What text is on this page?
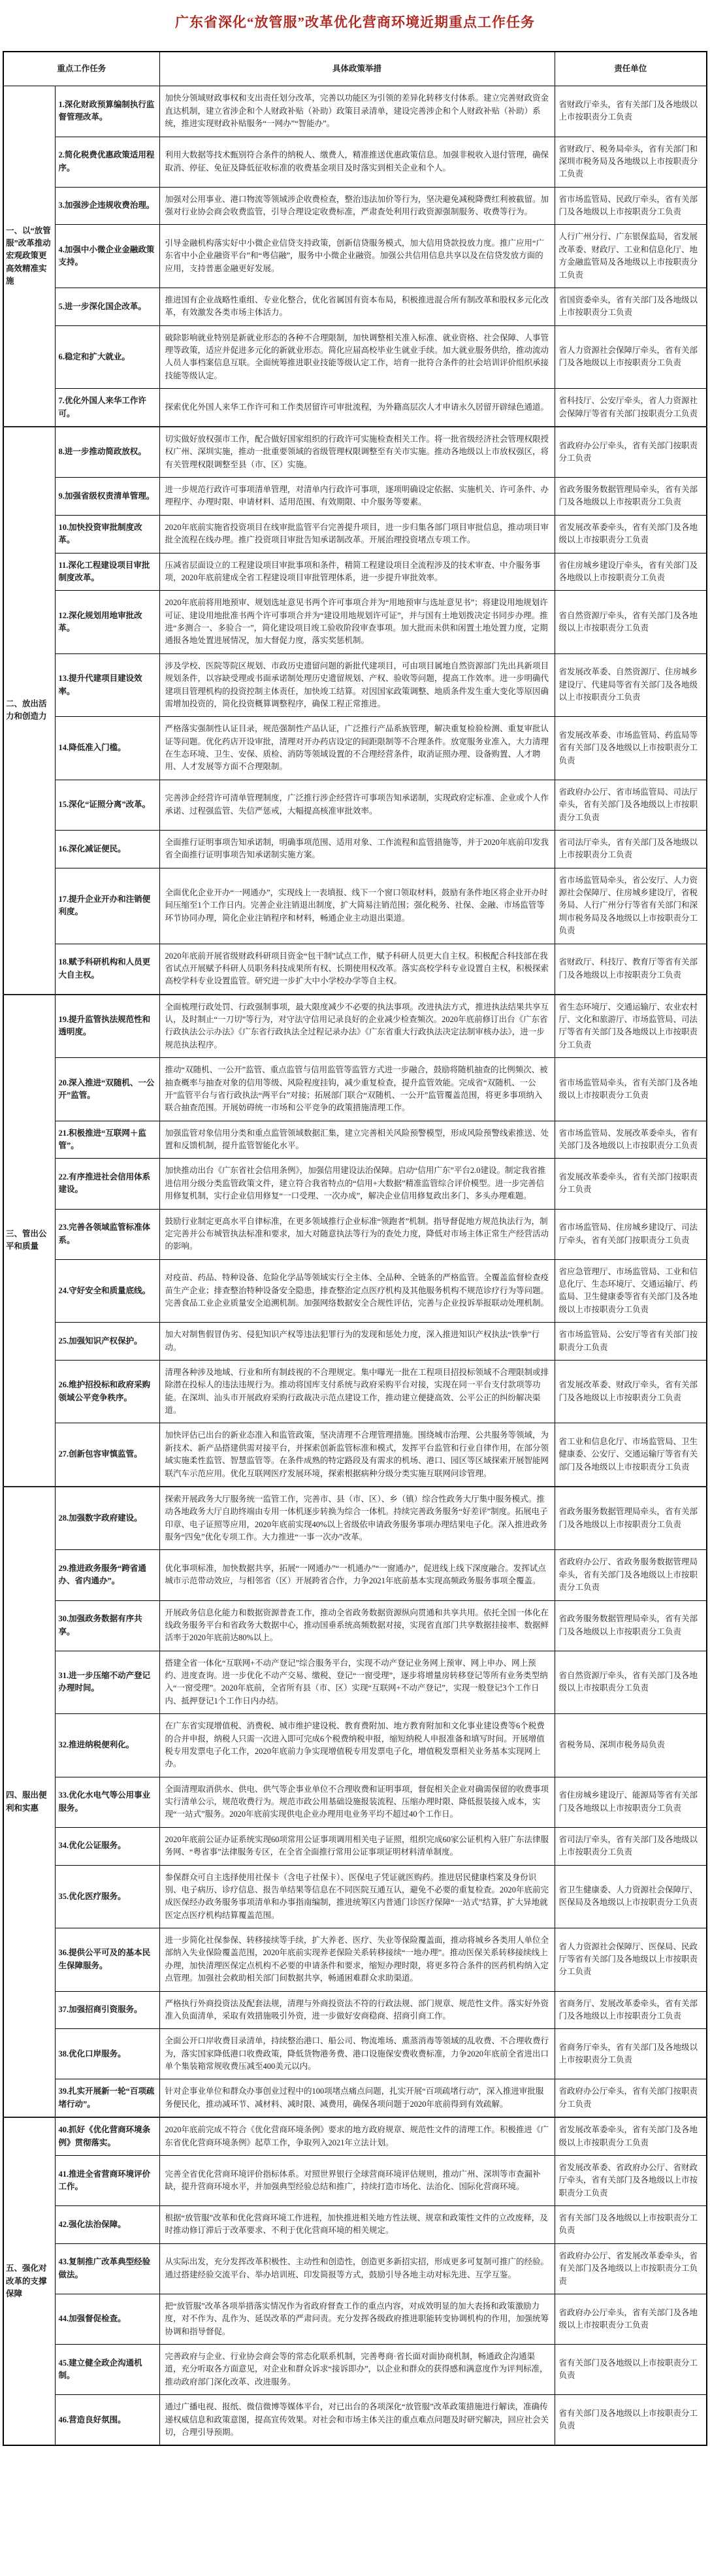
广东省深化“放管服”改革优化营商环境近期重点工作任务
重点工作任务		具体政策举措	责任单位
一、以“放管服”改革推动宏观政策更高效精准实施	1.深化财政预算编制执行监督管理改革。	加快分领域财政事权和支出责任划分改革，完善以功能区为引领的差异化转移支付体系。建立完善财政资金直达机制，建立省涉企和个人财政补贴（补助）政策目录清单，建设完善涉企和个人财政补贴（补助）系统，推进实现财政补贴服务“一网办”“智能办”。	省财政厅牵头，省有关部门及各地级以上市按职责分工负责
	2.简化税费优惠政策适用程序。	利用大数据等技术甄别符合条件的纳税人、缴费人，精准推送优惠政策信息。加强非税收入退付管理，确保取消、停征、免征及降低征收标准的收费基金项目及时落实到相关企业和个人。	省财政厅、税务局牵头，省有关部门和深圳市税务局及各地级以上市按职责分工负责
	3.加强涉企违规收费治理。	加强对公用事业、港口物流等领域涉企收费检查，整治违法加价等行为，坚决避免减税降费红利被截留。加强对行业协会商会收费监管，引导合理设定收费标准，严肃查处利用行政资源强制服务、收费等行为。	省市场监管局、民政厅牵头，省有关部门及各地级以上市按职责分工负责
	4.加强中小微企业金融政策支持。	引导金融机构落实好中小微企业信贷支持政策，创新信贷服务模式，加大信用贷款投放力度。推广应用“广东省中小企业融资平台”和“粤信融”，服务中小微企业融资。加强公共信用信息共享以及在信贷发放方面的应用，支持普惠金融更好发展。	人行广州分行、广东银保监局，省发展改革委、财政厅、工业和信息化厅、地方金融监管局及各地级以上市按职责分工负责
	5.进一步深化国企改革。	推进国有企业战略性重组、专业化整合，优化省属国有资本布局，积极推进混合所有制改革和股权多元化改革，有效激发各类市场主体活力。	省国资委牵头，省有关部门及各地级以上市按职责分工负责
	6.稳定和扩大就业。	破除影响就业特别是新就业形态的各种不合理限制，加快调整相关准入标准、就业资格、社会保障、人事管理等政策，适应并促进多元化的新就业形态。简化应届高校毕业生就业手续。加大就业服务供给，推动流动人员人事档案信息互联。全面统筹推进职业技能等级认定工作，培育一批符合条件的社会培训评价组织承接技能等级认定。	省人力资源社会保障厅牵头，省有关部门及各地级以上市按职责分工负责
	7.优化外国人来华工作许可。	探索优化外国人来华工作许可和工作类居留许可审批流程，为外籍高层次人才申请永久居留开辟绿色通道。	省科技厅、公安厅牵头，省人力资源社会保障厅等省有关部门按职责分工负责
二、放出活力和创造力	8.进一步推动简政放权。	切实做好放权强市工作，配合做好国家组织的行政许可实施检查相关工作。将一批省级经济社会管理权限授权广州、深圳实施，推动一批重要领域的省级管理权限调整至有关市实施。推动各地级以上市放权强区，将有关管理权限调整至县（市、区）实施。	省政府办公厅牵头，省有关部门按职责分工负责
	9.加强省级权责清单管理。	进一步规范行政许可事项清单管理，对清单内行政许可事项，逐项明确设定依据、实施机关、许可条件、办理程序、办理时限、申请材料、适用范围、有效期限、中介服务等要素。	省政务服务数据管理局牵头，省有关部门及各地级以上市按职责分工负责
	10.加快投资审批制度改革。	2020年底前实施省投资项目在线审批监管平台完善提升项目，进一步归集各部门项目审批信息，推动项目审批全流程在线办理。推广投资项目审批告知承诺制改革。开展治理投资堵点专项工作。	省发展改革委牵头，省有关部门及各地级以上市按职责分工负责
	11.深化工程建设项目审批制度改革。	压减省层面设立的工程建设项目审批事项和条件，精简工程建设项目全流程涉及的技术审查、中介服务事项，2020年底前建成全省工程建设项目审批管理体系，进一步提升审批效率。	省住房城乡建设厅牵头，省有关部门及各地级以上市按职责分工负责
	12.深化规划用地审批改革。	2020年底前将用地预审、规划选址意见书两个许可事项合并为“用地预审与选址意见书”；将建设用地规划许可证、建设用地批准书两个许可事项合并为“建设用地规划许可证”，并与国有土地划拨决定书同步办理。推进“多测合一、多验合一”，简化建设项目竣工验收阶段审查事项。加大批而未供和闲置土地处置力度，定期通报各地处置进展情况，加大督促力度，落实奖惩机制。	省自然资源厅牵头，省有关部门及各地级以上市按职责分工负责
	13.提升代建项目建设效率。	涉及学校、医院等院区规划、市政历史遗留问题的新批代建项目，可由项目属地自然资源部门先出具新项目规划条件，以容缺受理或书面承诺制处理历史遗留规划、产权、验收等问题，提高工作效率。进一步明确代建项目管理机构的投资控制主体责任，加快竣工结算。对因国家政策调整、地质条件发生重大变化等原因确需增加投资的，简化投资概算调整程序，确保工程正常推进。	省发展改革委、自然资源厅、住房城乡建设厅、代建局等省有关部门及各地级以上市按职责分工负责
	14.降低准入门槛。	严格落实强制性认证目录，规范强制性产品认证，广泛推行产品系族管理，解决重复检验检测、重复审批认证等问题。优化药店开设审批，清理对开办药店设定的间距限制等不合理条件。放宽服务业准入，大力清理在生态环境、卫生、安保、质检、消防等领域设置的不合理经营条件，取消证照办理、设备购置、人才聘用、人才发展等方面不合理限制。	省发展改革委、市场监管局、药监局等省有关部门及各地级以上市按职责分工负责
	15.深化“证照分离”改革。	完善涉企经营许可清单管理制度，广泛推行涉企经营许可事项告知承诺制，实现政府定标准、企业或个人作承诺、过程强监管、失信严惩戒，大幅提高核准审批效率。	省政府办公厅、省市场监管局、司法厅牵头，省有关部门及各地级以上市按职责分工负责
	16.深化减证便民。	全面推行证明事项告知承诺制，明确事项范围、适用对象、工作流程和监管措施等，并于2020年底前印发我省全面推行证明事项告知承诺制实施方案。	省司法厅牵头，省有关部门及各地级以上市按职责分工负责
	17.提升企业开办和注销便利度。	全面优化企业开办“一网通办”，实现线上一表填报、线下一个窗口领取材料，鼓励有条件地区将企业开办时间压缩至1个工作日内。完善企业注销退出制度，扩大简易注销范围；强化税务、社保、金融、市场监管等环节协同办理，简化企业注销程序和材料，畅通企业主动退出渠道。	省市场监管局牵头，省公安厅、人力资源社会保障厅、住房城乡建设厅，省税务局、人行广州分行等省有关部门和深圳市税务局及各地级以上市按职责分工负责
	18.赋予科研机构和人员更大自主权。	2020年底前开展省级财政科研项目资金“包干制”试点工作，赋予科研人员更大自主权。积极配合科技部在我省试点开展赋予科研人员职务科技成果所有权、长期使用权改革。落实高校学科专业设置自主权，积极探索高校学科专业设置监管。研究进一步扩大中小学校办学等自主权。	省财政厅、科技厅、教育厅等省有关部门及各地级以上市按职责分工负责
三、管出公平和质量	19.提升监管执法规范性和透明度。	全面梳理行政处罚、行政强制事项，最大限度减少不必要的执法事项。改进执法方式，推进执法结果共享互认，及时制止“一刀切”等行为，对守法守信用记录良好的企业减少检查频次。2020年底前修订出台《广东省行政执法公示办法》《广东省行政执法全过程记录办法》《广东省重大行政执法决定法制审核办法》，进一步规范执法程序。	省生态环境厅、交通运输厅、农业农村厅、文化和旅游厅、市场监管局、司法厅等省有关部门及各地级以上市按职责分工负责
	20.深入推进“双随机、一公开”监管。	推动“双随机、一公开”监管、重点监管与信用监管等监管方式进一步融合，鼓励将随机抽查的比例频次、被抽查概率与抽查对象的信用等级、风险程度挂钩，减少重复检查，提升监管效能。完成省“双随机、一公开”监管平台与省行政执法“两平台”对接；拓展部门联合“双随机、一公开”监管覆盖范围，将更多事项纳入联合抽查范围。开展妨碍统一市场和公平竞争的政策措施清理工作。	省市场监管局牵头，省有关部门及各地级以上市按职责分工负责
	21.积极推进“互联网＋监管”。	加强监管对象信用分类和重点监管领域数据汇集，建立完善相关风险预警模型，形成风险预警线索推送、处置和反馈机制，提升监管智能化水平。	省市场监管局、发展改革委牵头，省有关部门及各地级以上市按职责分工负责
	22.有序推进社会信用体系建设。	加快推动出台《广东省社会信用条例》，加强信用建设法治保障。启动“信用广东”平台2.0建设。制定我省推进信用分级分类监管政策文件，建立符合我省特点的“信用+大数据”精准监管综合评价模型。进一步完善信用修复机制，实行企业信用修复“一口受理、一次办成”，解决企业信用修复政出多门、多头办理难题。	省发展改革委牵头，省有关部门按职责分工负责
	23.完善各领域监管标准体系。	鼓励行业制定更高水平自律标准，在更多领域推行企业标准“领跑者”机制。指导督促地方规范执法行为，制定完善并公布城管执法标准和要求，加大对随意执法等行为的查处力度，降低对市场主体正常生产经营活动的影响。	省市场监管局、住房城乡建设厅、司法厅牵头，省有关部门按职责分工负责
	24.守好安全和质量底线。	对疫苗、药品、特种设备、危险化学品等领域实行全主体、全品种、全链条的严格监管。全覆盖监督检查疫苗生产企业；排查整治特种设备安全隐患，排查整治定点医疗机构及其他服务机构不规范诊疗行为等问题。完善食品工业企业质量安全追溯机制。加强网络数据安全合规性评估，完善与企业投诉举报联动处理机制。	省应急管理厅、市场监管局、工业和信息化厅、生态环境厅、交通运输厅、药监局、卫生健康委等省有关部门及各地级以上市按职责分工负责
	25.加强知识产权保护。	加大对制售假冒伪劣、侵犯知识产权等违法犯罪行为的发现和惩处力度，深入推进知识产权执法“铁拳”行动。	省市场监管局、公安厅等省有关部门按职责分工负责
	26.维护招投标和政府采购领域公平竞争秩序。	清理各种涉及地域、行业和所有制歧视的不合理规定。集中曝光一批在工程项目招投标领域不合理限制或排除潜在投标人的违法违规行为。推动将国库支付系统与政府采购平台对接，实现在同一平台支付款项等功能。在深圳、汕头市开展政府采购行政裁决示范点建设工作，推动建立便捷高效、公平公正的纠纷解决渠道。	省发展改革委、财政厅牵头，省有关部门及各地级以上市按职责分工负责
	27.创新包容审慎监管。	加快评估已出台的新业态准入和监管政策，坚决清理不合理管理措施。围绕城市治理、公共服务等领域，为新技术、新产品搭建供需对接平台，并探索创新监管标准和模式，发挥平台监管和行业自律作用，在部分领域实施柔性监管、智慧监管等。在条件成熟的特定路段及有需求的机场、港口、园区等区域探索开展智能网联汽车示范应用。优化互联网医疗发展环境，探索根据病种分级分类实施互联网问诊管理。	省工业和信息化厅、市场监管局、卫生健康委、公安厅、交通运输厅等省有关部门及各地级以上市按职责分工负责
四、服出便利和实惠	28.加强数字政府建设。	探索开展政务大厅服务统一监管工作，完善市、县（市、区）、乡（镇）综合性政务大厅集中服务模式。推动各地政务大厅自助终端由专用一体机逐步转换为综合一体机。持续完善政务服务“好差评”制度。拓展电子印章、电子证照等应用，2020年底前实现40%以上省级依申请政务服务事项办理结果电子化。深入推进政务服务“四免”优化专项工作。大力推进“一事一次办”改革。	省政务服务数据管理局牵头，省有关部门及各地级以上市按职责分工负责
	29.推进政务服务“跨省通办、省内通办”。	优化事项标准，加快数据共享，拓展“一网通办”“一机通办”“一窗通办”，促进线上线下深度融合。发挥试点城市示范带动效应，与相邻省（区）开展跨省合作，力争2021年底前基本实现高频政务服务事项全覆盖。	省政府办公厅、省政务服务数据管理局牵头，省有关部门及各地级以上市按职责分工负责
	30.加强政务数据有序共享。	开展政务信息化能力和数据资源普查工作，推动全省政务数据资源纵向贯通和共享共用。依托全国一体化在线政务服务平台和省政务大数据中心，推动国垂系统高频数据对接，实现省直部门共享数据挂接率、数据鲜活率于2020年底前达80%以上。	省政务服务数据管理局牵头，省有关部门及各地级以上市按职责分工负责
	31.进一步压缩不动产登记办理时间。	搭建全省一体化“互联网+不动产登记”综合服务平台，实现不动产登记业务网上预审、网上申办、网上预约、进度查询。进一步优化不动产交易、缴税、登记“一窗受理”，逐步将增量房转移登记等所有业务类型纳入“一窗受理”。2020年底前，全省所有县（市、区）实现“互联网+不动产登记”，实现一般登记3个工作日内、抵押登记1个工作日内办结。	省自然资源厅牵头，省有关部门及各地级以上市按职责分工负责
	32.推进纳税便利化。	在广东省实现增值税、消费税、城市维护建设税、教育费附加、地方教育附加和文化事业建设费等6个税费的合并申报，纳税人只需一次进入即可完成6个税费纳税申报，缩短纳税人申报准备和填写时间。开展增值税专用发票电子化工作，2020年底前力争实现增值税专用发票电子化，增值税发票相关业务基本实现网上办。	省税务局、深圳市税务局负责
	33.优化水电气等公用事业服务。	全面清理取消供水、供电、供气等企事业单位不合理收费和证明事项，督促相关企业对确需保留的收费事项实行清单公示，规范收费行为。规范市政公用基础设施报装流程、压缩办理时限、降低报装接入成本，实现“一站式”服务。2020年底前实现供电企业办理用电业务平均不超过40个工作日。	省住房城乡建设厅、能源局等省有关部门及各地级以上市按职责分工负责
	34.优化公证服务。	2020年底前公证办证系统实现60项常用公证事项调用相关电子证照，组织完成60家公证机构入驻广东法律服务网、“粤省事”法律服务专区，在全省全面推行常用公证事项证明材料清单制度。	省司法厅牵头，省有关部门及各地级以上市按职责分工负责
	35.优化医疗服务。	参保群众可自主选择使用社保卡（含电子社保卡）、医保电子凭证就医购药。推进居民健康档案及身份识别、电子病历、诊疗信息、报告单结果等信息在不同医院互通互认，避免不必要的重复检查。2020年底前完成医保经办政务服务事项清单和办事指南编制，推进统筹区内普通门诊医疗保障“一站式”结算，扩大异地就医定点医疗机构结算覆盖范围。	省卫生健康委、人力资源社会保障厅、医保局及各地级以上市按职责分工负责
	36.提供公平可及的基本民生保障服务。	进一步简化社保参保、转移接续等手续，扩大养老、医疗、失业等保险覆盖面，推动将城乡各类用人单位全部纳入失业保险覆盖范围，2020年底前实现养老保险关系转移接续“一地办理”。推动医保关系转移接续线上办理，加快清理医保定点机构不必要的申请条件和要求，缩短办理时限，将更多符合条件的医药机构纳入定点管理。加强社会救助相关部门间数据共享，畅通困难群众求助渠道。	省人力资源社会保障厅、医保局、民政厅等省有关部门及各地级以上市按职责分工负责
	37.加强招商引资服务。	严格执行外商投资法及配套法规，清理与外商投资法不符的行政法规、部门规章、规范性文件。落实好外资准入负面清单，采取有效措施吸引外资，进一步做好安商稳商、招商引商工作。	省商务厅、发展改革委牵头，省有关部门及各地级以上市按职责分工负责
	38.优化口岸服务。	全面公开口岸收费目录清单，持续整治港口、船公司、物流堆场、熏蒸消毒等领域的乱收费、不合理收费行为，落实国家降低港口收费政策，降低货物港务费、港口设施保安费收费标准，力争2020年底前全省进出口单个集装箱常规收费压减至400美元以内。	省商务厅牵头，省有关部门及各地级以上市按职责分工负责
	39.扎实开展新一轮“百项疏堵行动”。	针对企事业单位和群众办事创业过程中的100项堵点痛点问题，扎实开展“百项疏堵行动”，深入推进审批服务便民化，推动减环节、减材料、减时限、减费用，确保各项问题于2020年底前得到有效疏解。	省政府办公厅牵头，省有关部门按职责分工负责
五、强化对改革的支撑保障	40.抓好《优化营商环境条例》贯彻落实。	2020年底前完成不符合《优化营商环境条例》要求的地方政府规章、规范性文件的清理工作。积极推进《广东省优化营商环境条例》起草工作，争取列入2021年立法计划。	省发展改革委牵头，省有关部门及各地级以上市按职责分工负责
	41.推进全省营商环境评价工作。	完善全省优化营商环境评价指标体系。对照世界银行全球营商环境评估规则，推动广州、深圳等市查漏补缺，提升营商环境水平，并加强典型经验总结和推广，持续打造市场化、法治化、国际化营商环境。	省发展改革委、省政府办公厅、省财政厅牵头，省有关部门及各地级以上市按职责分工负责
	42.强化法治保障。	根据“放管服”改革和优化营商环境工作进程，加快推进相关地方性法规、规章和政策性文件的立改废释，及时推动修订滞后于改革要求、不利于优化营商环境的相关规定。	省有关部门及各地级以上市按职责分工负责
	43.复制推广改革典型经验做法。	从实际出发，充分发挥改革积极性、主动性和创造性，创造更多新招实招，形成更多可复制可推广的经验。通过搭建经验交流平台、举办培训班、印发简报等方式，鼓励引导各地主动对标先进、互学互鉴。	省政府办公厅、省发展改革委牵头，省有关部门及各地级以上市按职责分工负责
	44.加强督促检查。	把“放管服”改革各项举措落实情况作为省政府督查工作的重点内容，对成效明显的加大表扬和政策激励力度，对不作为、乱作为、延误改革的严肃问责。充分发挥各级政府推进职能转变协调机构的作用，加强统筹协调和指导督促。	省政府办公厅牵头，省有关部门及各地级以上市按职责分工负责
	45.建立健全政企沟通机制。	完善政府与企业、行业协会商会等的常态化联系机制，完善粤商·省长面对面协商机制，畅通政企沟通渠道，充分听取各方面意见，对企业和群众诉求“接诉即办”，以企业和群众的获得感和满意度作为评判标准，推动政府部门深化改革、改进服务。	省有关部门及各地级以上市按职责分工负责
	46.营造良好氛围。	通过广播电视、报纸、微信微博等媒体平台，对已出台的各项深化“放管服”改革政策措施进行解读，准确传递权威信息和政策意图，提高宣传效果。对社会和市场主体关注的重点难点问题及时研究解决，回应社会关切，合理引导预期。	省有关部门及各地级以上市按职责分工负责
